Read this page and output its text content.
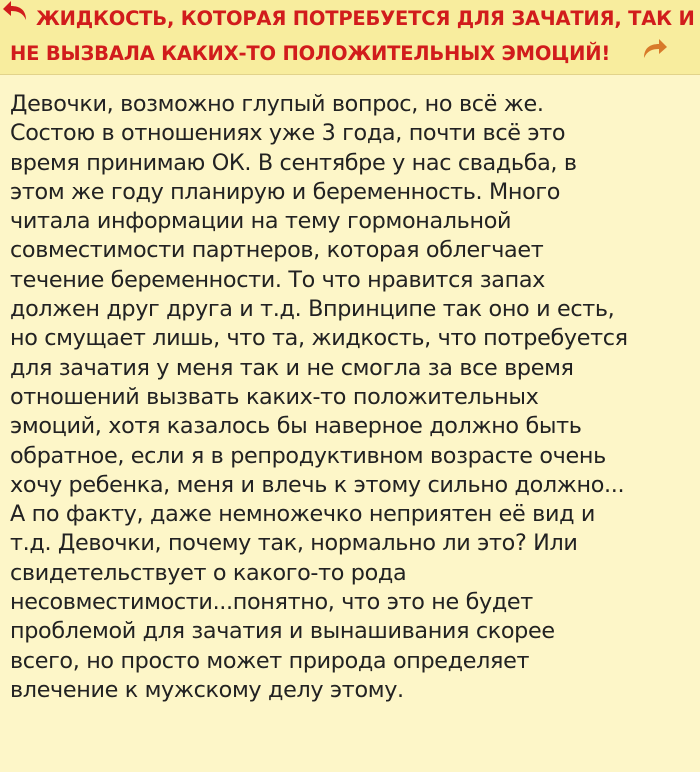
ЖИДКОСТЬ, КОТОРАЯ ПОТРЕБУЕТСЯ ДЛЯ ЗАЧАТИЯ, ТАК И
НЕ ВЫЗВАЛА КАКИХ-ТО ПОЛОЖИТЕЛЬНЫХ ЭМОЦИЙ!
Девочки, возможно глупый вопрос, но всё же.
Состою в отношениях уже 3 года, почти всё это
время принимаю ОК. В сентябре у нас свадьба, в
этом же году планирую и беременность. Много
читала информации на тему гормональной
совместимости партнеров, которая облегчает
течение беременности. То что нравится запах
должен друг друга и т.д. Впринципе так оно и есть,
но смущает лишь, что та, жидкость, что потребуется
для зачатия у меня так и не смогла за все время
отношений вызвать каких-то положительных
эмоций, хотя казалось бы наверное должно быть
обратное, если я в репродуктивном возрасте очень
хочу ребенка, меня и влечь к этому сильно должно...
А по факту, даже немножечко неприятен её вид и
т.д. Девочки, почему так, нормально ли это? Или
свидетельствует о какого-то рода
несовместимости...понятно, что это не будет
проблемой для зачатия и вынашивания скорее
всего, но просто может природа определяет
влечение к мужскому делу этому.
